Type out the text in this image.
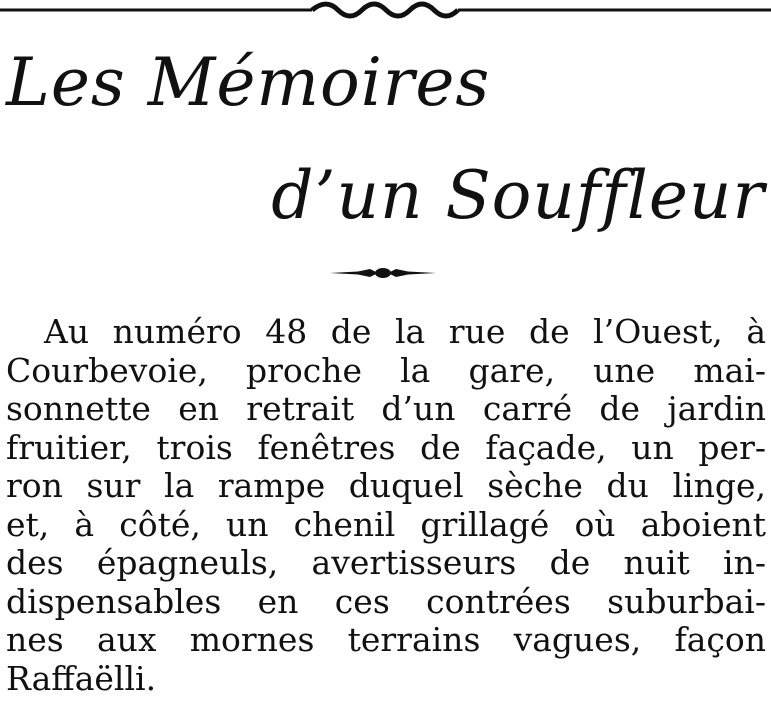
Les Mémoires
d’un Souffleur
Au numéro 48 de la rue de l’Ouest, à
Courbevoie, proche la gare, une mai-
sonnette en retrait d’un carré de jardin
fruitier, trois fenêtres de façade, un per-
ron sur la rampe duquel sèche du linge,
et, à côté, un chenil grillagé où aboient
des épagneuls, avertisseurs de nuit in-
dispensables en ces contrées suburbai-
nes aux mornes terrains vagues, façon
Raffaëlli.
